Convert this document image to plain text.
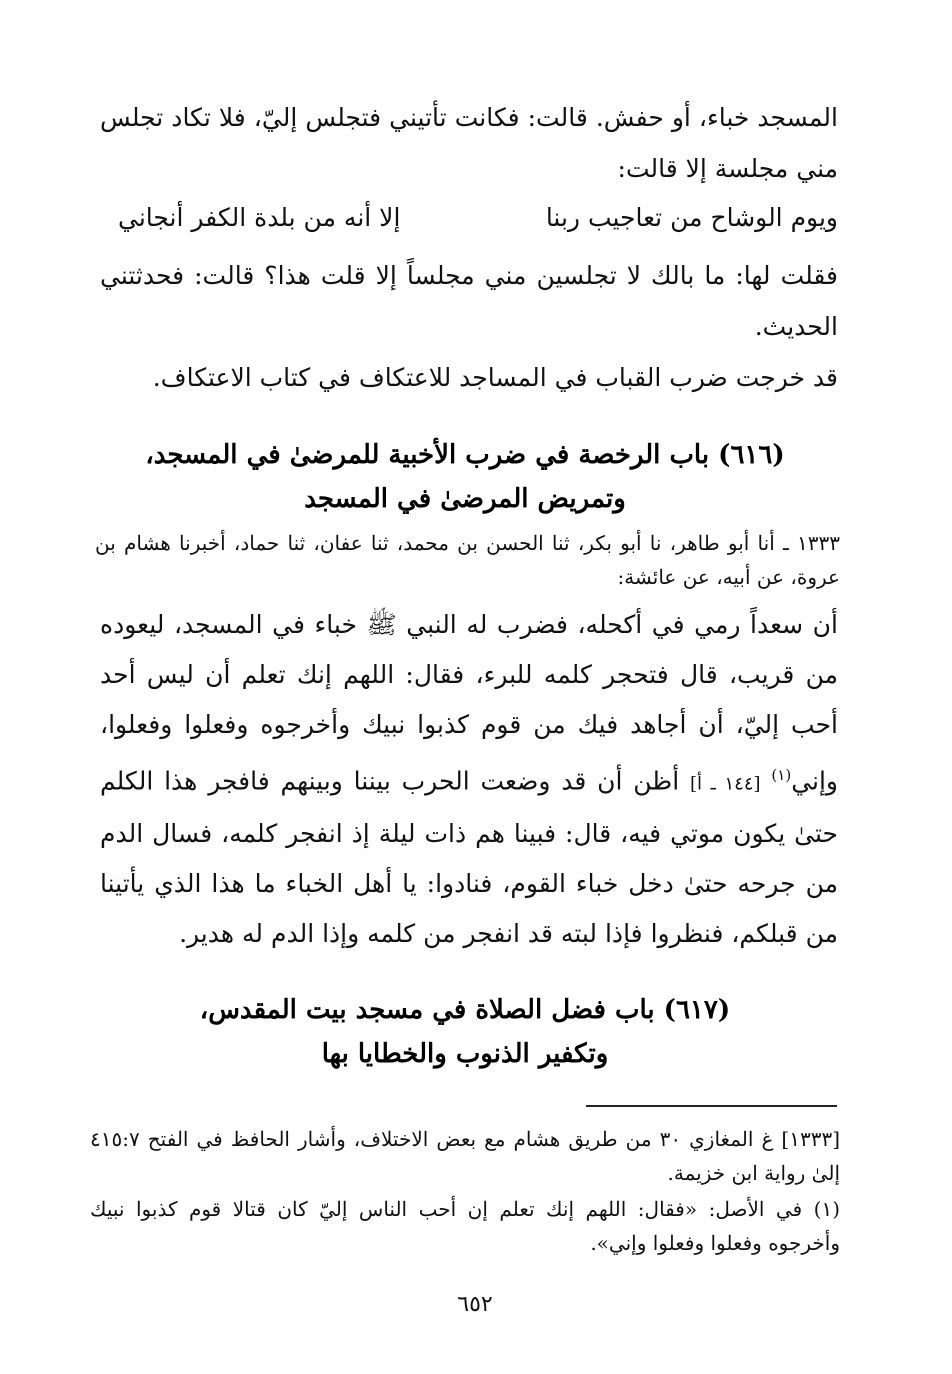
المسجد خباء، أو حفش. قالت: فكانت تأتيني فتجلس إليّ، فلا تكاد تجلس مني مجلسة إلا قالت:
ويوم الوشاح من تعاجيب ربنا
إلا أنه من بلدة الكفر أنجاني
فقلت لها: ما بالك لا تجلسين مني مجلساً إلا قلت هذا؟ قالت: فحدثتني الحديث.
قد خرجت ضرب القباب في المساجد للاعتكاف في كتاب الاعتكاف.
(٦١٦) باب الرخصة في ضرب الأخبية للمرضىٰ في المسجد،
وتمريض المرضىٰ في المسجد
١٣٣٣ ـ أنا أبو طاهر، نا أبو بكر، ثنا الحسن بن محمد، ثنا عفان، ثنا حماد، أخبرنا هشام بن عروة، عن أبيه، عن عائشة:
أن سعداً رمي في أكحله، فضرب له النبي ﷺ خباء في المسجد، ليعوده من قريب، قال فتحجر كلمه للبرء، فقال: اللهم إنك تعلم أن ليس أحد أحب إليّ، أن أجاهد فيك من قوم كذبوا نبيك وأخرجوه وفعلوا وفعلوا، وإني$^{(١)}$ [١٤٤ ـ أ] أظن أن قد وضعت الحرب بيننا وبينهم فافجر هذا الكلم حتىٰ يكون موتي فيه، قال: فبينا هم ذات ليلة إذ انفجر كلمه، فسال الدم من جرحه حتىٰ دخل خباء القوم، فنادوا: يا أهل الخباء ما هذا الذي يأتينا من قبلكم، فنظروا فإذا لبته قد انفجر من كلمه وإذا الدم له هدير.
(٦١٧) باب فضل الصلاة في مسجد بيت المقدس،
وتكفير الذنوب والخطايا بها
[١٣٣٣] غ المغازي ٣٠ من طريق هشام مع بعض الاختلاف، وأشار الحافظ في الفتح ٤١٥:٧ إلىٰ رواية ابن خزيمة.
(١) في الأصل: «فقال: اللهم إنك تعلم إن أحب الناس إليّ كان قتالا قوم كذبوا نبيك وأخرجوه وفعلوا وفعلوا وإني».
٦٥٢
